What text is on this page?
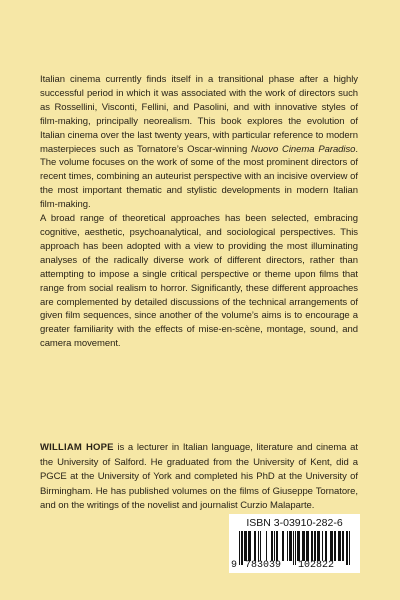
Italian cinema currently finds itself in a transitional phase after a highly successful period in which it was associated with the work of directors such as Rossellini, Visconti, Fellini, and Pasolini, and with innovative styles of film-making, principally neorealism. This book explores the evolution of Italian cinema over the last twenty years, with particular reference to modern masterpieces such as Tornatore’s Oscar-winning Nuovo Cinema Paradiso. The volume focuses on the work of some of the most prominent directors of recent times, combining an auteurist perspective with an incisive overview of the most important thematic and stylistic developments in modern Italian film-making.

A broad range of theoretical approaches has been selected, embracing cognitive, aesthetic, psychoanalytical, and sociological perspectives. This approach has been adopted with a view to providing the most illuminating analyses of the radically diverse work of different directors, rather than attempting to impose a single critical perspective or theme upon films that range from social realism to horror. Significantly, these different approaches are complemented by detailed discussions of the technical arrangements of given film sequences, since another of the volume’s aims is to encourage a greater familiarity with the effects of mise-en-scène, montage, sound, and camera movement.

WILLIAM HOPE is a lecturer in Italian language, literature and cinema at the University of Salford. He graduated from the University of Kent, did a PGCE at the University of York and completed his PhD at the University of Birmingham. He has published volumes on the films of Giuseppe Tornatore, and on the writings of the novelist and journalist Curzio Malaparte.
ISBN 3-03910-282-6
9 783039 102822
